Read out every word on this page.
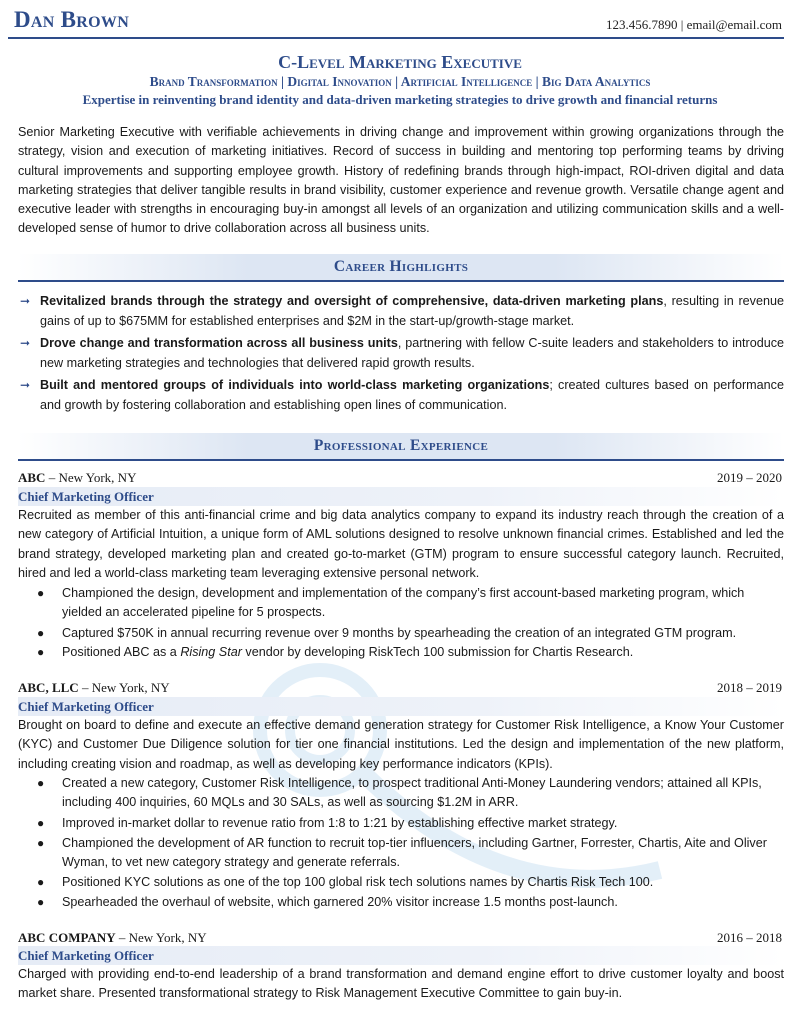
Dan Brown	123.456.7890 | email@email.com
C-Level Marketing Executive
Brand Transformation | Digital Innovation | Artificial Intelligence | Big Data Analytics
Expertise in reinventing brand identity and data-driven marketing strategies to drive growth and financial returns

Senior Marketing Executive with verifiable achievements in driving change and improvement within growing organizations through the strategy, vision and execution of marketing initiatives. Record of success in building and mentoring top performing teams by driving cultural improvements and supporting employee growth. History of redefining brands through high-impact, ROI-driven digital and data marketing strategies that deliver tangible results in brand visibility, customer experience and revenue growth. Versatile change agent and executive leader with strengths in encouraging buy-in amongst all levels of an organization and utilizing communication skills and a well-developed sense of humor to drive collaboration across all business units.

Career Highlights

➞ Revitalized brands through the strategy and oversight of comprehensive, data-driven marketing plans, resulting in revenue gains of up to $675MM for established enterprises and $2M in the start-up/growth-stage market.

➞ Drove change and transformation across all business units, partnering with fellow C-suite leaders and stakeholders to introduce new marketing strategies and technologies that delivered rapid growth results.

➞ Built and mentored groups of individuals into world-class marketing organizations; created cultures based on performance and growth by fostering collaboration and establishing open lines of communication.

Professional Experience
ABC – New York, NY	2019 – 2020
Chief Marketing Officer

Recruited as member of this anti-financial crime and big data analytics company to expand its industry reach through the creation of a new category of Artificial Intuition, a unique form of AML solutions designed to resolve unknown financial crimes. Established and led the brand strategy, developed marketing plan and created go-to-market (GTM) program to ensure successful category launch. Recruited, hired and led a world-class marketing team leveraging extensive personal network.

● Championed the design, development and implementation of the company’s first account-based marketing program, which yielded an accelerated pipeline for 5 prospects.

● Captured $750K in annual recurring revenue over 9 months by spearheading the creation of an integrated GTM program.

● Positioned ABC as a Rising Star vendor by developing RiskTech 100 submission for Chartis Research.

ABC, LLC – New York, NY	2018 – 2019
Chief Marketing Officer

Brought on board to define and execute an effective demand generation strategy for Customer Risk Intelligence, a Know Your Customer (KYC) and Customer Due Diligence solution for tier one financial institutions. Led the design and implementation of the new platform, including creating vision and roadmap, as well as developing key performance indicators (KPIs).

● Created a new category, Customer Risk Intelligence, to prospect traditional Anti-Money Laundering vendors; attained all KPIs, including 400 inquiries, 60 MQLs and 30 SALs, as well as sourcing $1.2M in ARR.

● Improved in-market dollar to revenue ratio from 1:8 to 1:21 by establishing effective market strategy.

● Championed the development of AR function to recruit top-tier influencers, including Gartner, Forrester, Chartis, Aite and Oliver Wyman, to vet new category strategy and generate referrals.

● Positioned KYC solutions as one of the top 100 global risk tech solutions names by Chartis Risk Tech 100.

● Spearheaded the overhaul of website, which garnered 20% visitor increase 1.5 months post-launch.

ABC COMPANY – New York, NY	2016 – 2018
Chief Marketing Officer

Charged with providing end-to-end leadership of a brand transformation and demand engine effort to drive customer loyalty and boost market share. Presented transformational strategy to Risk Management Executive Committee to gain buy-in.
